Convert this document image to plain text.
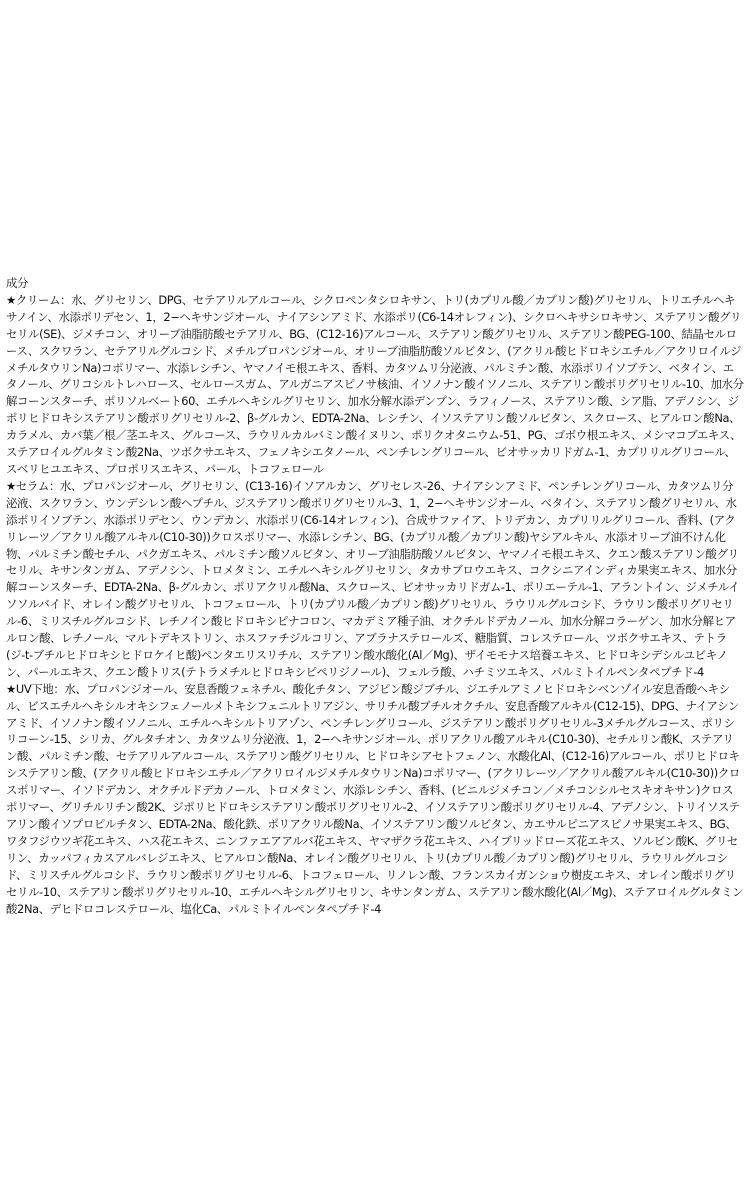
成分

★クリーム：水、グリセリン、DPG、セテアリルアルコール、シクロペンタシロキサン、トリ(カプリル酸／カプリン酸)グリセリル、トリエチルヘキサノイン、水添ポリデセン、1，2−ヘキサンジオール、ナイアシンアミド、水添ポリ(C6-14オレフィン)、シクロヘキサシロキサン、ステアリン酸グリセリル(SE)、ジメチコン、オリーブ油脂肪酸セテアリル、BG、(C12-16)アルコール、ステアリン酸グリセリル、ステアリン酸PEG-100、結晶セルロース、スクワラン、セテアリルグルコシド、メチルプロパンジオール、オリーブ油脂肪酸ソルビタン、(アクリル酸ヒドロキシエチル／アクリロイルジメチルタウリンNa)コポリマー、水添レシチン、ヤマノイモ根エキス、香料、カタツムリ分泌液、パルミチン酸、水添ポリイソブテン、ベタイン、エタノール、グリコシルトレハロース、セルロースガム、アルガニアスピノサ核油、イソノナン酸イソノニル、ステアリン酸ポリグリセリル-10、加水分解コーンスターチ、ポリソルベート60、エチルヘキシルグリセリン、加水分解水添デンプン、ラフィノース、ステアリン酸、シア脂、アデノシン、ジポリヒドロキシステアリン酸ポリグリセリル-2、β-グルカン、EDTA-2Na、レシチン、イソステアリン酸ソルビタン、スクロース、ヒアルロン酸Na、カラメル、カバ葉／根／茎エキス、グルコース、ラウリルカルバミン酸イヌリン、ポリクオタニウム-51、PG、ゴボウ根エキス、メシマコブエキス、ステアロイルグルタミン酸2Na、ツボクサエキス、フェノキシエタノール、ペンチレングリコール、ビオサッカリドガム-1、カプリリルグリコール、スベリヒユエキス、プロポリスエキス、パール、トコフェロール

★セラム：水、プロパンジオール、グリセリン、(C13-16)イソアルカン、グリセレス-26、ナイアシンアミド、ペンチレングリコール、カタツムリ分泌液、スクワラン、ウンデシレン酸ヘプチル、ジステアリン酸ポリグリセリル-3、1，2−ヘキサンジオール、ベタイン、ステアリン酸グリセリル、水添ポリイソブテン、水添ポリデセン、ウンデカン、水添ポリ(C6-14オレフィン)、合成サファイア、トリデカン、カプリリルグリコール、香料、(アクリレーツ／アクリル酸アルキル(C10-30))クロスポリマー、水添レシチン、BG、(カプリル酸／カプリン酸)ヤシアルキル、水添オリーブ油不けん化物、パルミチン酸セチル、パクガエキス、パルミチン酸ソルビタン、オリーブ油脂肪酸ソルビタン、ヤマノイモ根エキス、クエン酸ステアリン酸グリセリル、キサンタンガム、アデノシン、トロメタミン、エチルヘキシルグリセリン、タカサブロウエキス、コクシニアインディカ果実エキス、加水分解コーンスターチ、EDTA-2Na、β-グルカン、ポリアクリル酸Na、スクロース、ビオサッカリドガム-1、ポリエーテル-1、アラントイン、ジメチルイソソルバイド、オレイン酸グリセリル、トコフェロール、トリ(カプリル酸／カプリン酸)グリセリル、ラウリルグルコシド、ラウリン酸ポリグリセリル-6、ミリスチルグルコシド、レチノイン酸ヒドロキシピナコロン、マカデミア種子油、オクチルドデカノール、加水分解コラーゲン、加水分解ヒアルロン酸、レチノール、マルトデキストリン、ホスファチジルコリン、アブラナステロールズ、糖脂質、コレステロール、ツボクサエキス、テトラ(ジ-t-ブチルヒドロキシヒドロケイヒ酸)ペンタエリスリチル、ステアリン酸水酸化(Al／Mg)、ザイモモナス培養エキス、ヒドロキシデシルユビキノン、パールエキス、クエン酸トリス(テトラメチルヒドロキシピペリジノール)、フェルラ酸、ハチミツエキス、パルミトイルペンタペプチド-4

★UV下地：水、プロパンジオール、安息香酸フェネチル、酸化チタン、アジピン酸ジブチル、ジエチルアミノヒドロキシベンゾイル安息香酸ヘキシル、ビスエチルヘキシルオキシフェノールメトキシフェニルトリアジン、サリチル酸ブチルオクチル、安息香酸アルキル(C12-15)、DPG、ナイアシンアミド、イソノナン酸イソノニル、エチルヘキシルトリアゾン、ペンチレングリコール、ジステアリン酸ポリグリセリル-3メチルグルコース、ポリシリコーン-15、シリカ、グルタチオン、カタツムリ分泌液、1，2−ヘキサンジオール、ポリアクリル酸アルキル(C10-30)、セチルリン酸K、ステアリン酸、パルミチン酸、セテアリルアルコール、ステアリン酸グリセリル、ヒドロキシアセトフェノン、水酸化Al、(C12-16)アルコール、ポリヒドロキシステアリン酸、(アクリル酸ヒドロキシエチル／アクリロイルジメチルタウリンNa)コポリマー、(アクリレーツ／アクリル酸アルキル(C10-30))クロスポリマー、イソドデカン、オクチルドデカノール、トロメタミン、水添レシチン、香料、(ビニルジメチコン／メチコンシルセスキオキサン)クロスポリマー、グリチルリチン酸2K、ジポリヒドロキシステアリン酸ポリグリセリル-2、イソステアリン酸ポリグリセリル-4、アデノシン、トリイソステアリン酸イソプロピルチタン、EDTA-2Na、酸化鉄、ポリアクリル酸Na、イソステアリン酸ソルビタン、カエサルピニアスピノサ果実エキス、BG、ワタフジウツギ花エキス、ハス花エキス、ニンファエアアルバ花エキス、ヤマザクラ花エキス、ハイブリッドローズ花エキス、ソルビン酸K、グリセリン、カッパフィカスアルバレジエキス、ヒアルロン酸Na、オレイン酸グリセリル、トリ(カプリル酸／カプリン酸)グリセリル、ラウリルグルコシド、ミリスチルグルコシド、ラウリン酸ポリグリセリル-6、トコフェロール、リノレン酸、フランスカイガンショウ樹皮エキス、オレイン酸ポリグリセリル-10、ステアリン酸ポリグリセリル-10、エチルヘキシルグリセリン、キサンタンガム、ステアリン酸水酸化(Al／Mg)、ステアロイルグルタミン酸2Na、デヒドロコレステロール、塩化Ca、パルミトイルペンタペプチド-4
